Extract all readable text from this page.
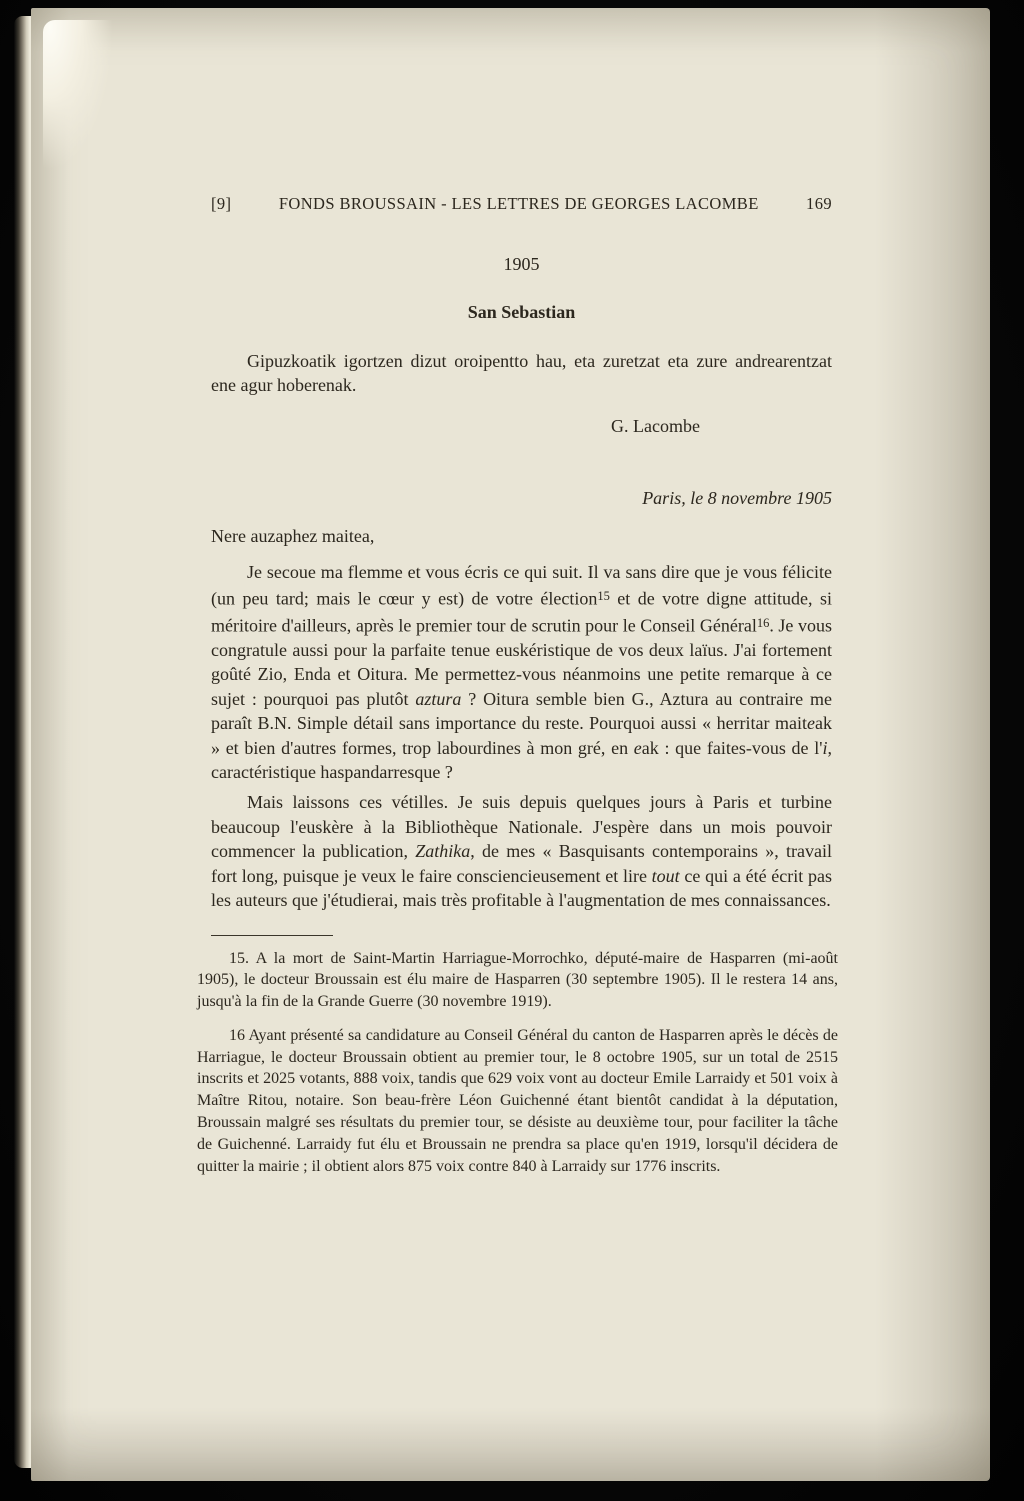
[9]	FONDS BROUSSAIN - LES LETTRES DE GEORGES LACOMBE	169
1905
San Sebastian

Gipuzkoatik igortzen dizut oroipentto hau, eta zuretzat eta zure andrearentzat ene agur hoberenak.

G. Lacombe

Paris, le 8 novembre 1905

Nere auzaphez maitea,

Je secoue ma flemme et vous écris ce qui suit. Il va sans dire que je vous félicite (un peu tard; mais le cœur y est) de votre élection$^{15}$ et de votre digne attitude, si méritoire d'ailleurs, après le premier tour de scrutin pour le Conseil Général$^{16}$. Je vous congratule aussi pour la parfaite tenue euskéristique de vos deux laïus. J'ai fortement goûté Zio, Enda et Oitura. Me permettez-vous néanmoins une petite remarque à ce sujet : pourquoi pas plutôt aztura ? Oitura semble bien G., Aztura au contraire me paraît B.N. Simple détail sans importance du reste. Pourquoi aussi « herritar maiteak » et bien d'autres formes, trop labourdines à mon gré, en eak : que faites-vous de l'i, caractéristique haspandarresque ?

Mais laissons ces vétilles. Je suis depuis quelques jours à Paris et turbine beaucoup l'euskère à la Bibliothèque Nationale. J'espère dans un mois pouvoir commencer la publication, Zathika, de mes « Basquisants contemporains », travail fort long, puisque je veux le faire consciencieusement et lire tout ce qui a été écrit pas les auteurs que j'étudierai, mais très profitable à l'augmentation de mes connaissances.

15. A la mort de Saint-Martin Harriague-Morrochko, député-maire de Hasparren (mi-août 1905), le docteur Broussain est élu maire de Hasparren (30 septembre 1905). Il le restera 14 ans, jusqu'à la fin de la Grande Guerre (30 novembre 1919).

16 Ayant présenté sa candidature au Conseil Général du canton de Hasparren après le décès de Harriague, le docteur Broussain obtient au premier tour, le 8 octobre 1905, sur un total de 2515 inscrits et 2025 votants, 888 voix, tandis que 629 voix vont au docteur Emile Larraidy et 501 voix à Maître Ritou, notaire. Son beau-frère Léon Guichenné étant bientôt candidat à la députation, Broussain malgré ses résultats du premier tour, se désiste au deuxième tour, pour faciliter la tâche de Guichenné. Larraidy fut élu et Broussain ne prendra sa place qu'en 1919, lorsqu'il décidera de quitter la mairie ; il obtient alors 875 voix contre 840 à Larraidy sur 1776 inscrits.
